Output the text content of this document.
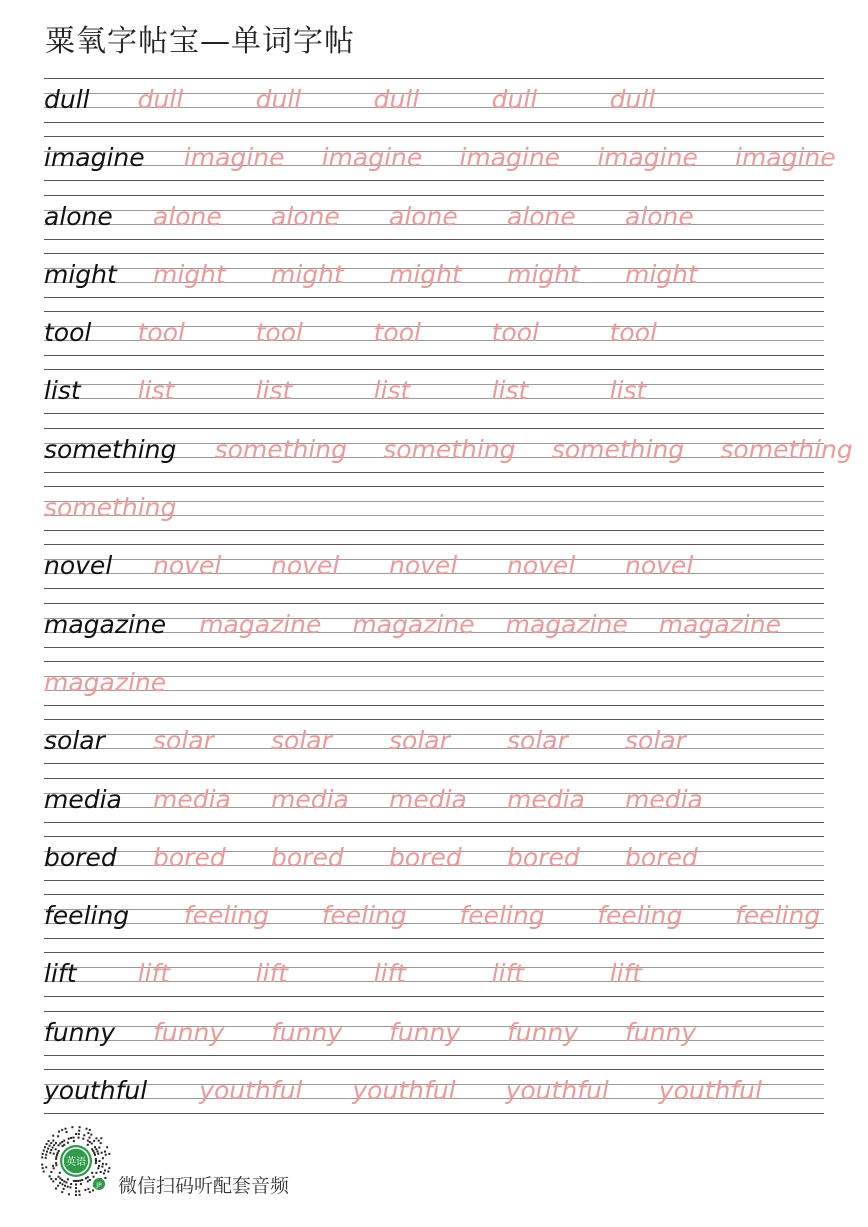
粟氧字帖宝—单词字帖
dull dull	dull	dull	dull	dull
imagine imagine imagine imagine imagine imagine
alone alone alone alone alone alone
might might might might might might
tool tool	tool	tool	tool	tool
list list	list	list	list	list
something something something something something
something
novel novel novel novel novel novel
magazine magazine magazine magazine magazine
magazine
solar solar solar solar solar solar
media media media media media media
bored bored bored bored bored bored
feeling feeling feeling feeling feeling feeling
lift lift	lift	lift	lift	lift
funny funny funny funny funny funny
youthful youthful youthful youthful youthful
英语
JP 微信扫码听配套音频
